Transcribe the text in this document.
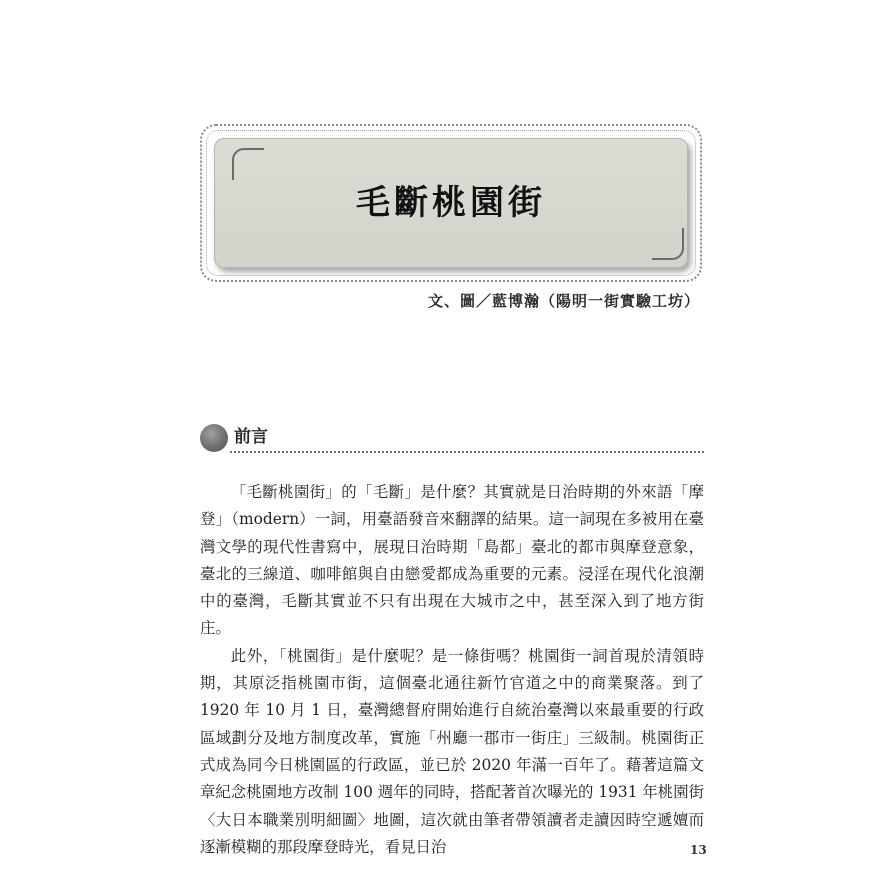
毛斷桃園街
文、圖／藍博瀚（陽明一街實驗工坊）
前言

「毛斷桃園街」的「毛斷」是什麼？其實就是日治時期的外來語「摩登」（modern）一詞，用臺語發音來翻譯的結果。這一詞現在多被用在臺灣文學的現代性書寫中，展現日治時期「島都」臺北的都市與摩登意象，臺北的三線道、咖啡館與自由戀愛都成為重要的元素。浸淫在現代化浪潮中的臺灣，毛斷其實並不只有出現在大城市之中，甚至深入到了地方街庄。

此外，「桃園街」是什麼呢？是一條街嗎？桃園街一詞首現於清領時期，其原泛指桃園市街，這個臺北通往新竹官道之中的商業聚落。到了 1920 年 10 月 1 日，臺灣總督府開始進行自統治臺灣以來最重要的行政區域劃分及地方制度改革，實施「州廳一郡市一街庄」三級制。桃園街正式成為同今日桃園區的行政區，並已於 2020 年滿一百年了。藉著這篇文章紀念桃園地方改制 100 週年的同時，搭配著首次曝光的 1931 年桃園街〈大日本職業別明細圖〉地圖，這次就由筆者帶領讀者走讀因時空遞嬗而逐漸模糊的那段摩登時光，看見日治	13
